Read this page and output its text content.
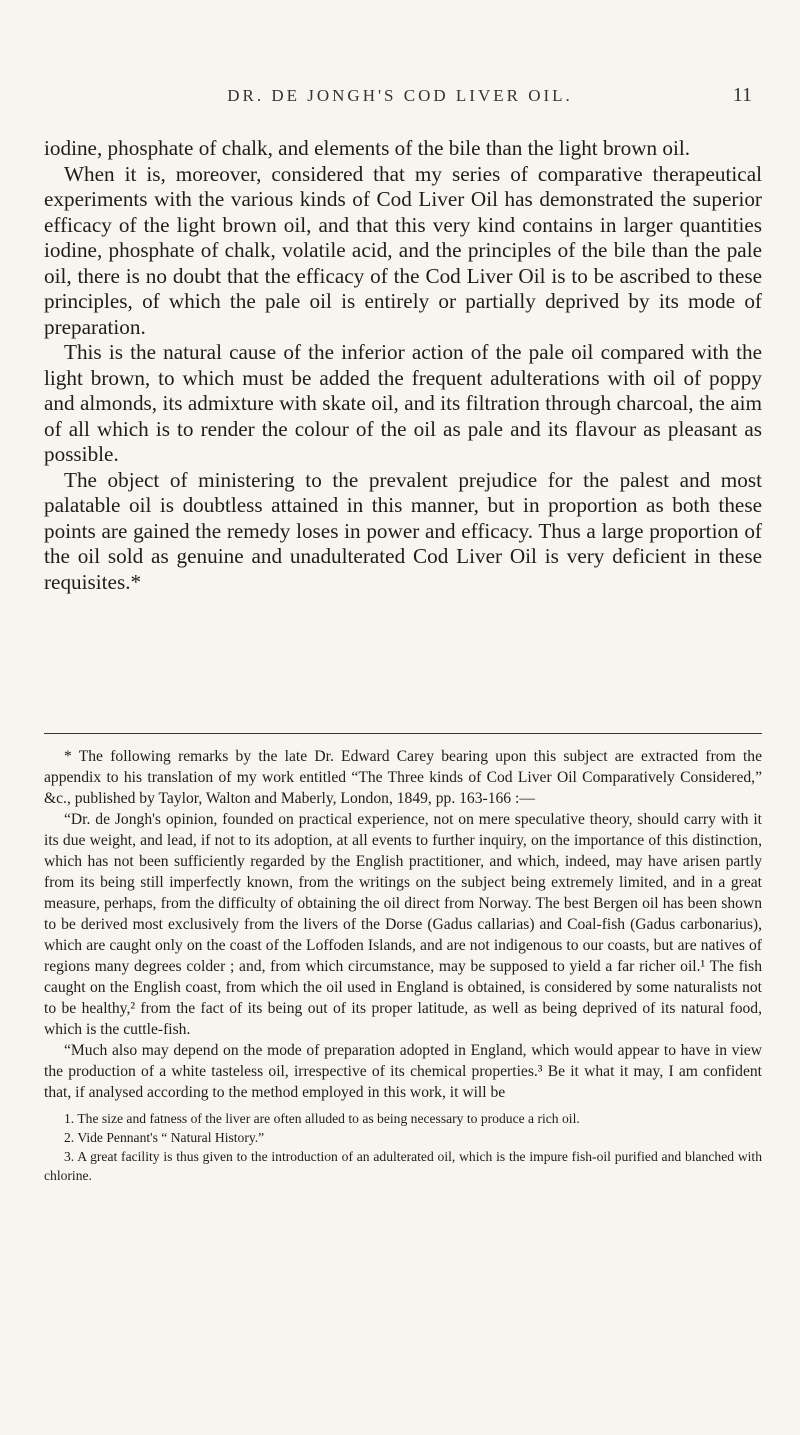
DR. DE JONGH'S COD LIVER OIL.	11

iodine, phosphate of chalk, and elements of the bile than the light brown oil.

When it is, moreover, considered that my series of comparative therapeutical experiments with the various kinds of Cod Liver Oil has demonstrated the superior efficacy of the light brown oil, and that this very kind contains in larger quantities iodine, phosphate of chalk, volatile acid, and the principles of the bile than the pale oil, there is no doubt that the efficacy of the Cod Liver Oil is to be ascribed to these principles, of which the pale oil is entirely or partially deprived by its mode of preparation.

This is the natural cause of the inferior action of the pale oil compared with the light brown, to which must be added the frequent adulterations with oil of poppy and almonds, its admixture with skate oil, and its filtration through charcoal, the aim of all which is to render the colour of the oil as pale and its flavour as pleasant as possible.

The object of ministering to the prevalent prejudice for the palest and most palatable oil is doubtless attained in this manner, but in proportion as both these points are gained the remedy loses in power and efficacy. Thus a large proportion of the oil sold as genuine and unadulterated Cod Liver Oil is very deficient in these requisites.*

* The following remarks by the late Dr. Edward Carey bearing upon this subject are extracted from the appendix to his translation of my work entitled “The Three kinds of Cod Liver Oil Comparatively Considered,” &c., published by Taylor, Walton and Maberly, London, 1849, pp. 163-166 :—

“Dr. de Jongh's opinion, founded on practical experience, not on mere speculative theory, should carry with it its due weight, and lead, if not to its adoption, at all events to further inquiry, on the importance of this distinction, which has not been sufficiently regarded by the English practitioner, and which, indeed, may have arisen partly from its being still imperfectly known, from the writings on the subject being extremely limited, and in a great measure, perhaps, from the difficulty of obtaining the oil direct from Norway. The best Bergen oil has been shown to be derived most exclusively from the livers of the Dorse (Gadus callarias) and Coal-fish (Gadus carbonarius), which are caught only on the coast of the Loffoden Islands, and are not indigenous to our coasts, but are natives of regions many degrees colder ; and, from which circumstance, may be supposed to yield a far richer oil.¹ The fish caught on the English coast, from which the oil used in England is obtained, is considered by some naturalists not to be healthy,² from the fact of its being out of its proper latitude, as well as being deprived of its natural food, which is the cuttle-fish.

“Much also may depend on the mode of preparation adopted in England, which would appear to have in view the production of a white tasteless oil, irrespective of its chemical properties.³ Be it what it may, I am confident that, if analysed according to the method employed in this work, it will be

1. The size and fatness of the liver are often alluded to as being necessary to produce a rich oil.

2. Vide Pennant's “ Natural History.”

3. A great facility is thus given to the introduction of an adulterated oil, which is the impure fish-oil purified and blanched with chlorine.
